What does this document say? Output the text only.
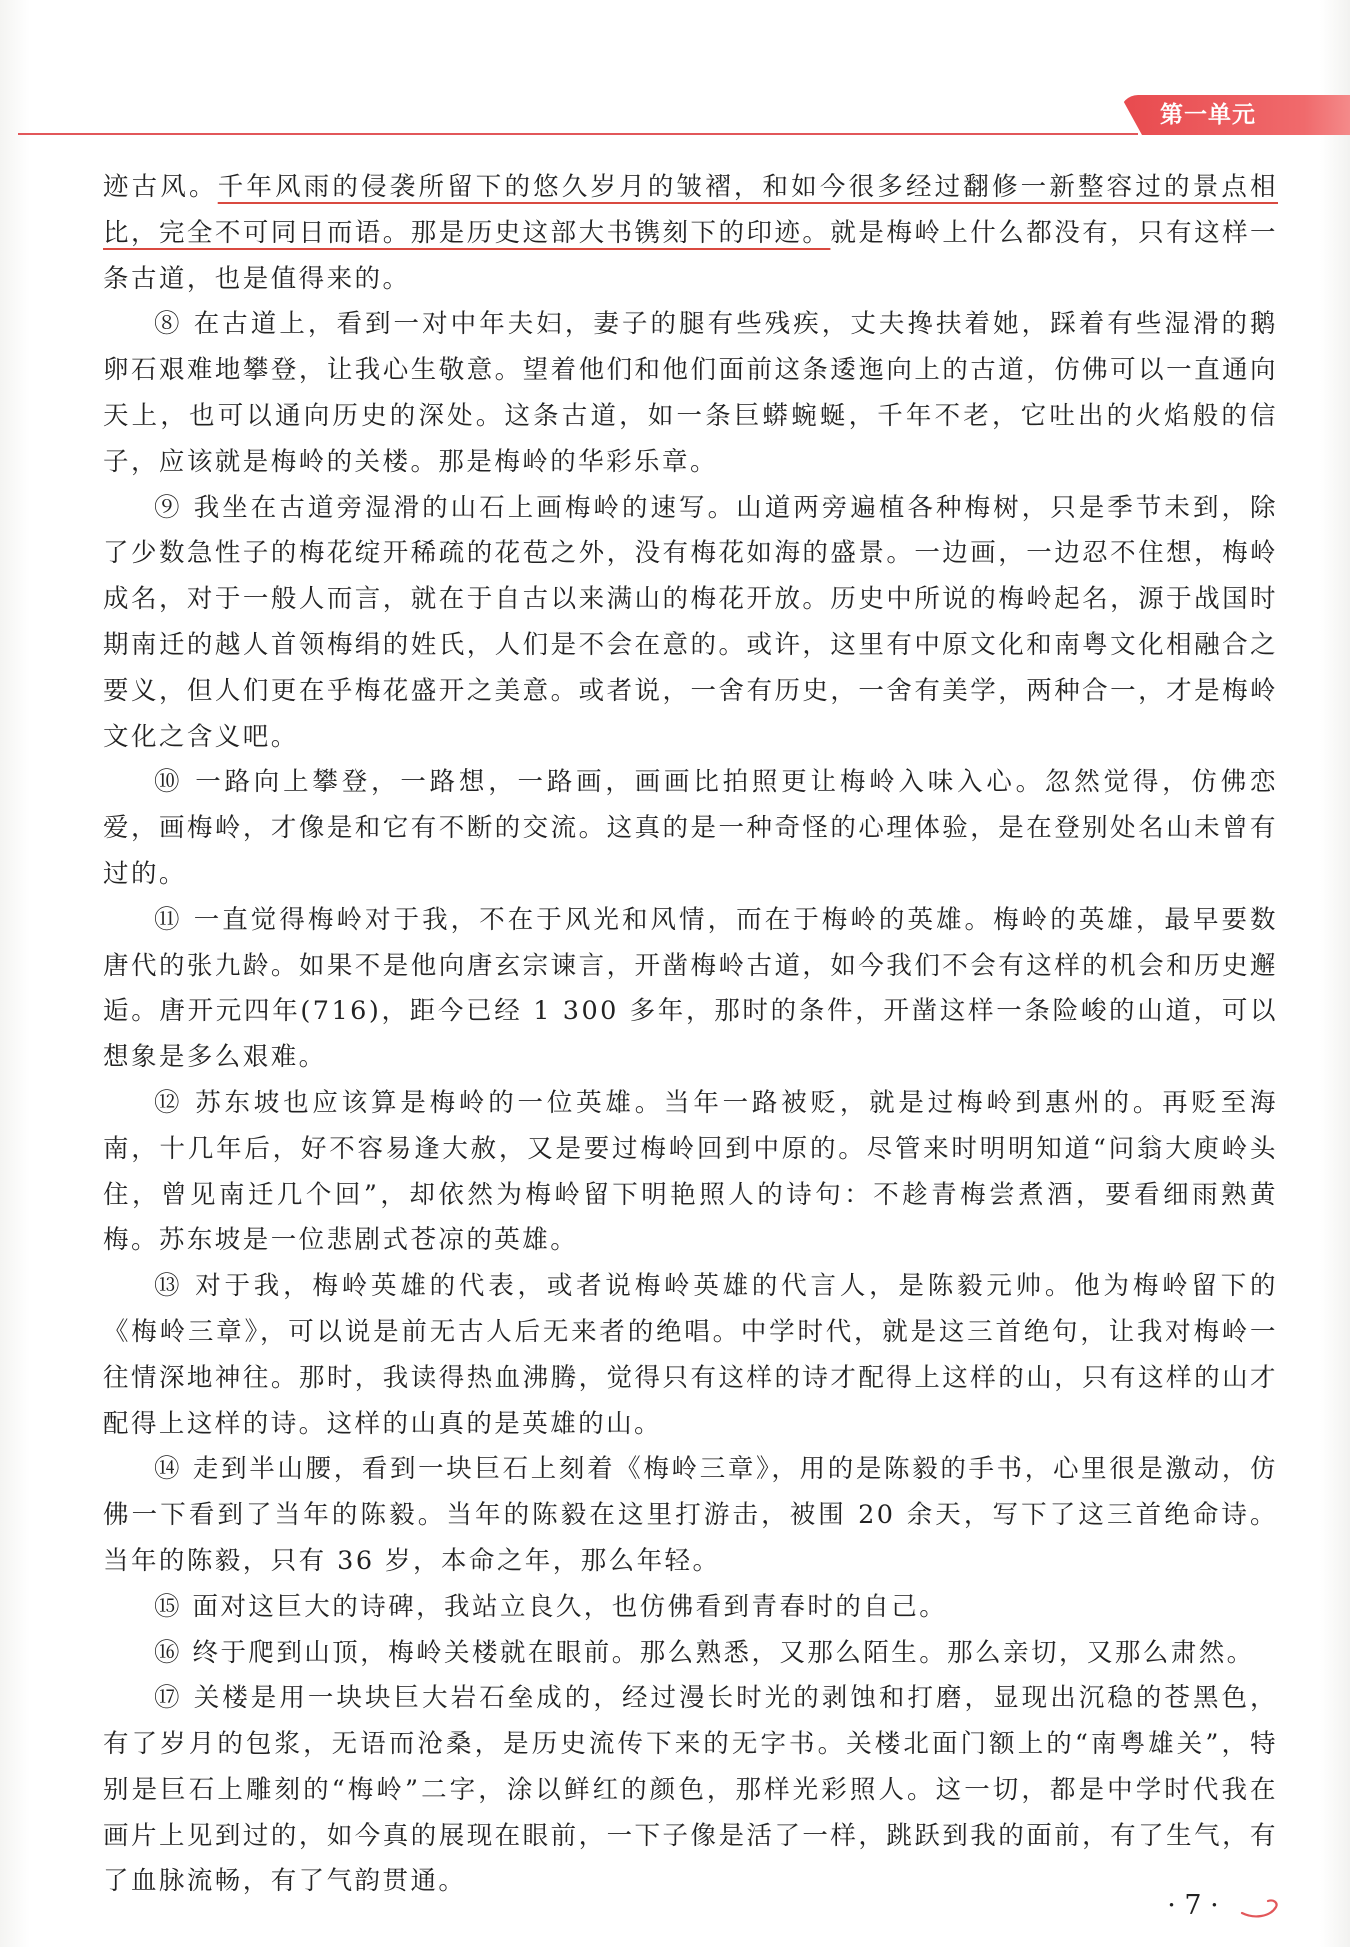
第一单元

迹古风。千年风雨的侵袭所留下的悠久岁月的皱褶，和如今很多经过翻修一新整容过的景点相比，完全不可同日而语。那是历史这部大书镌刻下的印迹。就是梅岭上什么都没有，只有这样一条古道，也是值得来的。

⑧ 在古道上，看到一对中年夫妇，妻子的腿有些残疾，丈夫搀扶着她，踩着有些湿滑的鹅卵石艰难地攀登，让我心生敬意。望着他们和他们面前这条逶迤向上的古道，仿佛可以一直通向天上，也可以通向历史的深处。这条古道，如一条巨蟒蜿蜒，千年不老，它吐出的火焰般的信子，应该就是梅岭的关楼。那是梅岭的华彩乐章。

⑨ 我坐在古道旁湿滑的山石上画梅岭的速写。山道两旁遍植各种梅树，只是季节未到，除了少数急性子的梅花绽开稀疏的花苞之外，没有梅花如海的盛景。一边画，一边忍不住想，梅岭成名，对于一般人而言，就在于自古以来满山的梅花开放。历史中所说的梅岭起名，源于战国时期南迁的越人首领梅绢的姓氏，人们是不会在意的。或许，这里有中原文化和南粤文化相融合之要义，但人们更在乎梅花盛开之美意。或者说，一舍有历史，一舍有美学，两种合一，才是梅岭文化之含义吧。

⑩ 一路向上攀登，一路想，一路画，画画比拍照更让梅岭入味入心。忽然觉得，仿佛恋爱，画梅岭，才像是和它有不断的交流。这真的是一种奇怪的心理体验，是在登别处名山未曾有过的。

⑪ 一直觉得梅岭对于我，不在于风光和风情，而在于梅岭的英雄。梅岭的英雄，最早要数唐代的张九龄。如果不是他向唐玄宗谏言，开凿梅岭古道，如今我们不会有这样的机会和历史邂逅。唐开元四年(716)，距今已经 1 300 多年，那时的条件，开凿这样一条险峻的山道，可以想象是多么艰难。

⑫ 苏东坡也应该算是梅岭的一位英雄。当年一路被贬，就是过梅岭到惠州的。再贬至海南，十几年后，好不容易逢大赦，又是要过梅岭回到中原的。尽管来时明明知道“问翁大庾岭头住，曾见南迁几个回”，却依然为梅岭留下明艳照人的诗句：不趁青梅尝煮酒，要看细雨熟黄梅。苏东坡是一位悲剧式苍凉的英雄。

⑬ 对于我，梅岭英雄的代表，或者说梅岭英雄的代言人，是陈毅元帅。他为梅岭留下的《梅岭三章》，可以说是前无古人后无来者的绝唱。中学时代，就是这三首绝句，让我对梅岭一往情深地神往。那时，我读得热血沸腾，觉得只有这样的诗才配得上这样的山，只有这样的山才配得上这样的诗。这样的山真的是英雄的山。

⑭ 走到半山腰，看到一块巨石上刻着《梅岭三章》，用的是陈毅的手书，心里很是激动，仿佛一下看到了当年的陈毅。当年的陈毅在这里打游击，被围 20 余天，写下了这三首绝命诗。当年的陈毅，只有 36 岁，本命之年，那么年轻。

⑮ 面对这巨大的诗碑，我站立良久，也仿佛看到青春时的自己。

⑯ 终于爬到山顶，梅岭关楼就在眼前。那么熟悉，又那么陌生。那么亲切，又那么肃然。

⑰ 关楼是用一块块巨大岩石垒成的，经过漫长时光的剥蚀和打磨，显现出沉稳的苍黑色，有了岁月的包浆，无语而沧桑，是历史流传下来的无字书。关楼北面门额上的“南粤雄关”，特别是巨石上雕刻的“梅岭”二字，涂以鲜红的颜色，那样光彩照人。这一切，都是中学时代我在画片上见到过的，如今真的展现在眼前，一下子像是活了一样，跳跃到我的面前，有了生气，有了血脉流畅，有了气韵贯通。

· 7 ·
